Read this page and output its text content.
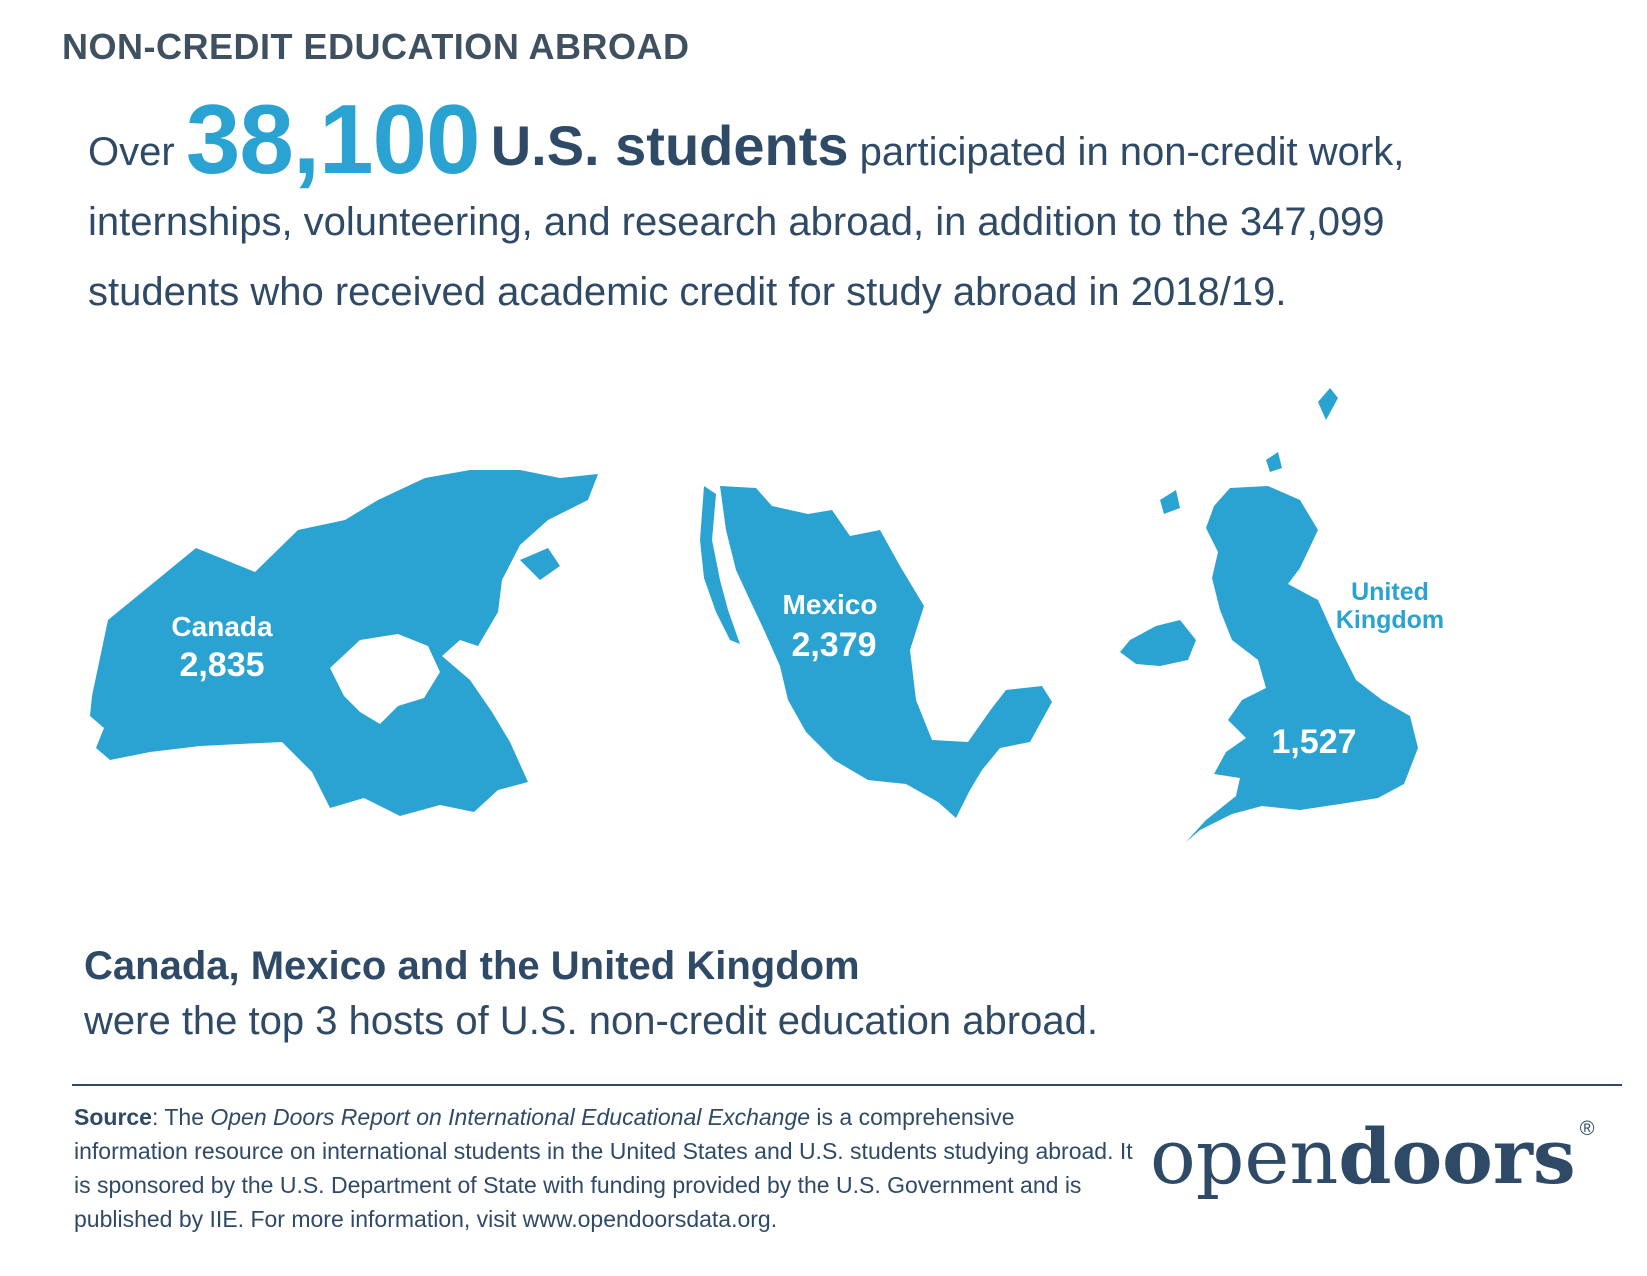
NON-CREDIT EDUCATION ABROAD
Over 38,100 U.S. students participated in non-credit work, internships, volunteering, and research abroad, in addition to the 347,099 students who received academic credit for study abroad in 2018/19.
Canada
2,835
Mexico
2,379
United
Kingdom
1,527
Canada, Mexico and the United Kingdom
were the top 3 hosts of U.S. non-credit education abroad.
Source: The Open Doors Report on International Educational Exchange is a comprehensive information resource on international students in the United States and U.S. students studying abroad. It is sponsored by the U.S. Department of State with funding provided by the U.S. Government and is published by IIE. For more information, visit www.opendoorsdata.org.
opendoors ®
